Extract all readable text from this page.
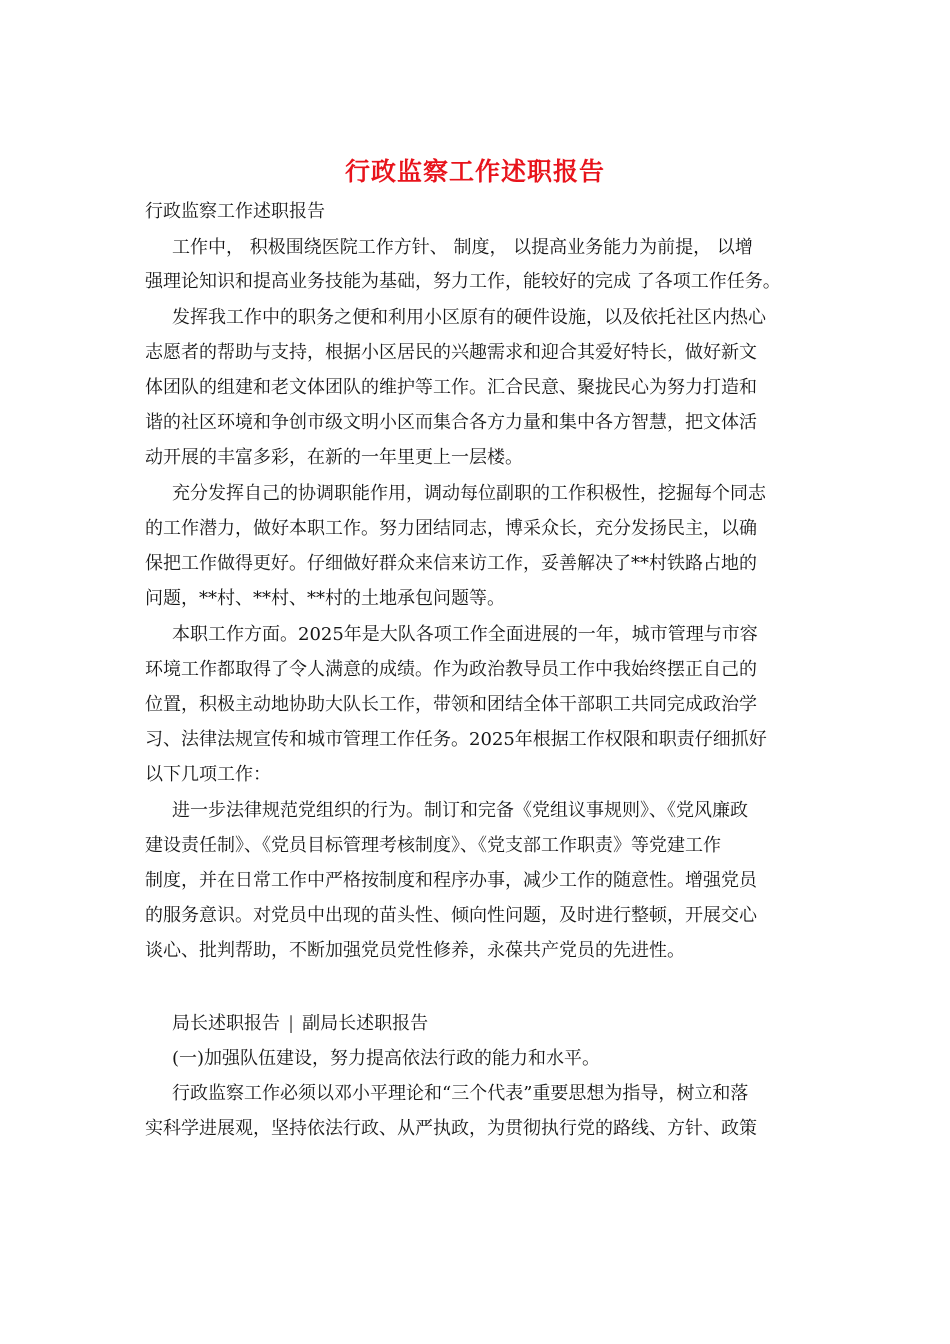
行政监察工作述职报告
行政监察工作述职报告
工作中， 积极围绕医院工作方针、 制度， 以提高业务能力为前提， 以增
强理论知识和提高业务技能为基础，努力工作，能较好的完成 了各项工作任务。
发挥我工作中的职务之便和利用小区原有的硬件设施，以及依托社区内热心
志愿者的帮助与支持，根据小区居民的兴趣需求和迎合其爱好特长，做好新文
体团队的组建和老文体团队的维护等工作。汇合民意、聚拢民心为努力打造和
谐的社区环境和争创市级文明小区而集合各方力量和集中各方智慧，把文体活
动开展的丰富多彩，在新的一年里更上一层楼。
充分发挥自己的协调职能作用，调动每位副职的工作积极性，挖掘每个同志
的工作潜力，做好本职工作。努力团结同志，博采众长，充分发扬民主，以确
保把工作做得更好。仔细做好群众来信来访工作，妥善解决了**村铁路占地的
问题，**村、**村、**村的土地承包问题等。
本职工作方面。2025年是大队各项工作全面进展的一年，城市管理与市容
环境工作都取得了令人满意的成绩。作为政治教导员工作中我始终摆正自己的
位置，积极主动地协助大队长工作，带领和团结全体干部职工共同完成政治学
习、法律法规宣传和城市管理工作任务。2025年根据工作权限和职责仔细抓好
以下几项工作：
进一步法律规范党组织的行为。制订和完备《党组议事规则》、《党风廉政
建设责任制》、《党员目标管理考核制度》、《党支部工作职责》等党建工作
制度，并在日常工作中严格按制度和程序办事，减少工作的随意性。增强党员
的服务意识。对党员中出现的苗头性、倾向性问题，及时进行整顿，开展交心
谈心、批判帮助，不断加强党员党性修养，永葆共产党员的先进性。
局长述职报告 | 副局长述职报告
(一)加强队伍建设，努力提高依法行政的能力和水平。
行政监察工作必须以邓小平理论和“三个代表”重要思想为指导，树立和落
实科学进展观，坚持依法行政、从严执政，为贯彻执行党的路线、方针、政策
